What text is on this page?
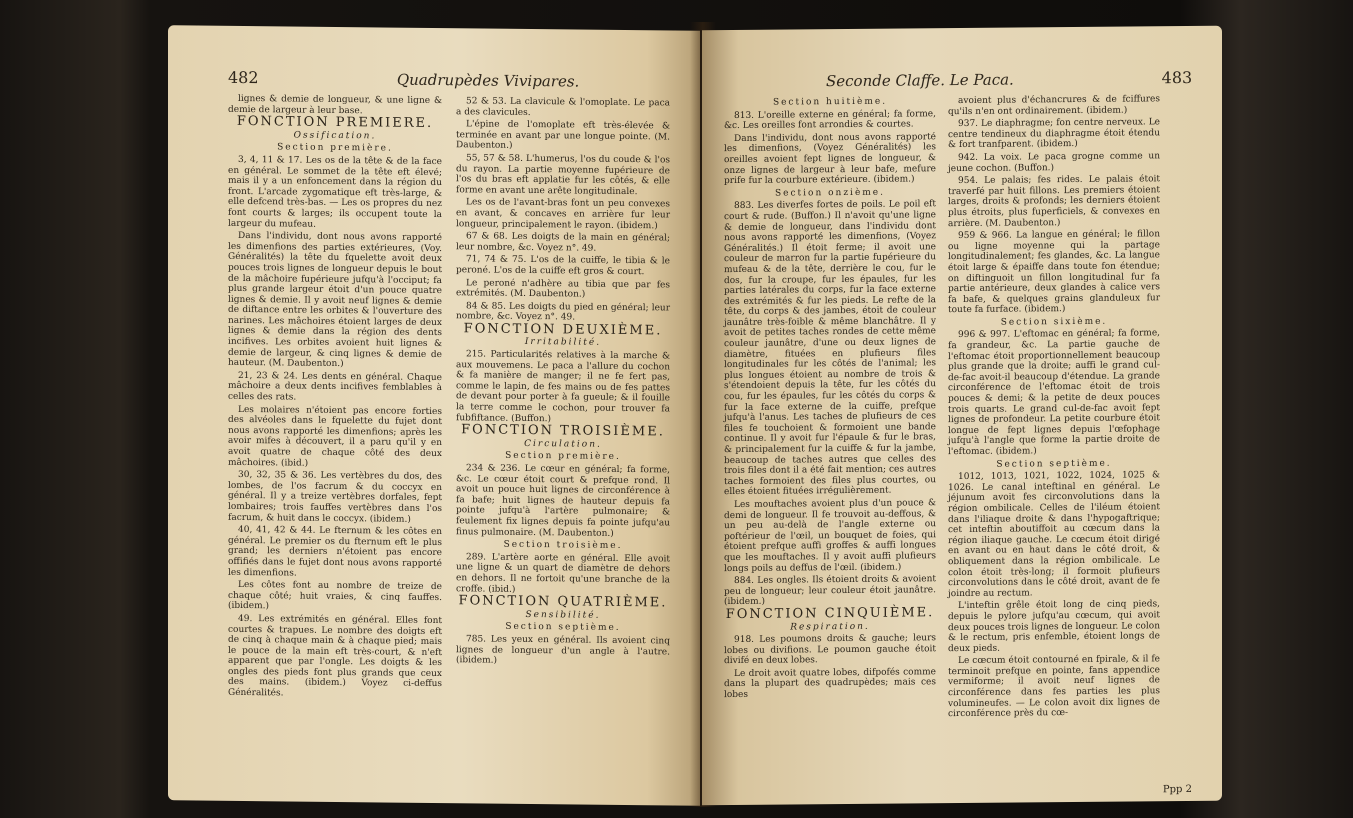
482	Quadrupèdes Vivipares.

lignes & demie de longueur, & une ligne & demie de largeur à leur base.

FONCTION PREMIERE.

Ossification.

Section première.

3, 4, 11 & 17. Les os de la tête & de la face en général. Le sommet de la tête eft élevé; mais il y a un enfoncement dans la région du front. L'arcade zygomatique eft très-large, & elle defcend très-bas. — Les os propres du nez font courts & larges; ils occupent toute la largeur du mufeau.

Dans l'individu, dont nous avons rapporté les dimenfions des parties extérieures, (Voy. Généralités) la tête du fquelette avoit deux pouces trois lignes de longueur depuis le bout de la mâchoire fupérieure jufqu'à l'occiput; fa plus grande largeur étoit d'un pouce quatre lignes & demie. Il y avoit neuf lignes & demie de diftance entre les orbites & l'ouverture des narines. Les mâchoires étoient larges de deux lignes & demie dans la région des dents incifives. Les orbites avoient huit lignes & demie de largeur, & cinq lignes & demie de hauteur. (M. Daubenton.)

21, 23 & 24. Les dents en général. Chaque mâchoire a deux dents incifives femblables à celles des rats.

Les molaires n'étoient pas encore forties des alvéoles dans le fquelette du fujet dont nous avons rapporté les dimenfions; après les avoir mifes à découvert, il a paru qu'il y en avoit quatre de chaque côté des deux mâchoires. (ibid.)

30, 32, 35 & 36. Les vertèbres du dos, des lombes, de l'os facrum & du coccyx en général. Il y a treize vertèbres dorfales, fept lombaires; trois fauffes vertèbres dans l'os facrum, & huit dans le coccyx. (ibidem.)

40, 41, 42 & 44. Le fternum & les côtes en général. Le premier os du fternum eft le plus grand; les derniers n'étoient pas encore offifiés dans le fujet dont nous avons rapporté les dimenfions.

Les côtes font au nombre de treize de chaque côté; huit vraies, & cinq fauffes. (ibidem.)

49. Les extrémités en général. Elles font courtes & trapues. Le nombre des doigts eft de cinq à chaque main & à chaque pied; mais le pouce de la main eft très-court, & n'eft apparent que par l'ongle. Les doigts & les ongles des pieds font plus grands que ceux des mains. (ibidem.) Voyez ci-deffus Généralités.

52 & 53. La clavicule & l'omoplate. Le paca a des clavicules.

L'épine de l'omoplate eft très-élevée & terminée en avant par une longue pointe. (M. Daubenton.)

55, 57 & 58. L'humerus, l'os du coude & l'os du rayon. La partie moyenne fupérieure de l'os du bras eft applatie fur les côtés, & elle forme en avant une arête longitudinale.

Les os de l'avant-bras font un peu convexes en avant, & concaves en arrière fur leur longueur, principalement le rayon. (ibidem.)

67 & 68. Les doigts de la main en général; leur nombre, &c. Voyez n°. 49.

71, 74 & 75. L'os de la cuiffe, le tibia & le peroné. L'os de la cuiffe eft gros & court.

Le peroné n'adhère au tibia que par fes extrémités. (M. Daubenton.)

84 & 85. Les doigts du pied en général; leur nombre, &c. Voyez n°. 49.

FONCTION DEUXIÈME.

Irritabilité.

215. Particularités relatives à la marche & aux mouvemens. Le paca a l'allure du cochon & fa manière de manger; il ne fe fert pas, comme le lapin, de fes mains ou de fes pattes de devant pour porter à fa gueule; & il fouille la terre comme le cochon, pour trouver fa fubfiftance. (Buffon.)

FONCTION TROISIÈME.

Circulation.

Section première.

234 & 236. Le cœur en général; fa forme, &c. Le cœur étoit court & prefque rond. Il avoit un pouce huit lignes de circonférence à fa bafe; huit lignes de hauteur depuis fa pointe jufqu'à l'artère pulmonaire; & feulement fix lignes depuis fa pointe jufqu'au finus pulmonaire. (M. Daubenton.)

Section troisième.

289. L'artère aorte en général. Elle avoit une ligne & un quart de diamètre de dehors en dehors. Il ne fortoit qu'une branche de la croffe. (ibid.)

FONCTION QUATRIÈME.

Sensibilité.

Section septième.

785. Les yeux en général. Ils avoient cinq lignes de longueur d'un angle à l'autre. (ibidem.)

Seconde Claffe. Le Paca.	483

Section huitième.

813. L'oreille externe en général; fa forme, &c. Les oreilles font arrondies & courtes.

Dans l'individu, dont nous avons rapporté les dimenfions, (Voyez Généralités) les oreilles avoient fept lignes de longueur, & onze lignes de largeur à leur bafe, mefure prife fur la courbure extérieure. (ibidem.)

Section onzième.

883. Les diverfes fortes de poils. Le poil eft court & rude. (Buffon.) Il n'avoit qu'une ligne & demie de longueur, dans l'individu dont nous avons rapporté les dimenfions, (Voyez Généralités.) Il étoit ferme; il avoit une couleur de marron fur la partie fupérieure du mufeau & de la tête, derrière le cou, fur le dos, fur la croupe, fur les épaules, fur les parties latérales du corps, fur la face externe des extrémités & fur les pieds. Le refte de la tête, du corps & des jambes, étoit de couleur jaunâtre très-foible & même blanchâtre. Il y avoit de petites taches rondes de cette même couleur jaunâtre, d'une ou deux lignes de diamètre, fituées en plufieurs files longitudinales fur les côtés de l'animal; les plus longues étoient au nombre de trois & s'étendoient depuis la tête, fur les côtés du cou, fur les épaules, fur les côtés du corps & fur la face externe de la cuiffe, prefque jufqu'à l'anus. Les taches de plufieurs de ces files fe touchoient & formoient une bande continue. Il y avoit fur l'épaule & fur le bras, & principalement fur la cuiffe & fur la jambe, beaucoup de taches autres que celles des trois files dont il a été fait mention; ces autres taches formoient des files plus courtes, ou elles étoient fituées irrégulièrement.

Les mouftaches avoient plus d'un pouce & demi de longueur. Il fe trouvoit au-deffous, & un peu au-delà de l'angle externe ou poftérieur de l'œil, un bouquet de foies, qui étoient prefque auffi groffes & auffi longues que les mouftaches. Il y avoit auffi plufieurs longs poils au deffus de l'œil. (ibidem.)

884. Les ongles. Ils étoient droits & avoient peu de longueur; leur couleur étoit jaunâtre. (ibidem.)

FONCTION CINQUIÈME.

Respiration.

918. Les poumons droits & gauche; leurs lobes ou divifions. Le poumon gauche étoit divifé en deux lobes.

Le droit avoit quatre lobes, difpofés comme dans la plupart des quadrupèdes; mais ces lobes

avoient plus d'échancrures & de fciffures qu'ils n'en ont ordinairement. (ibidem.)

937. Le diaphragme; fon centre nerveux. Le centre tendineux du diaphragme étoit étendu & fort tranfparent. (ibidem.)

942. La voix. Le paca grogne comme un jeune cochon. (Buffon.)

954. Le palais; fes rides. Le palais étoit traverfé par huit fillons. Les premiers étoient larges, droits & profonds; les derniers étoient plus étroits, plus fuperficiels, & convexes en arrière. (M. Daubenton.)

959 & 966. La langue en général; le fillon ou ligne moyenne qui la partage longitudinalement; fes glandes, &c. La langue étoit large & épaiffe dans toute fon étendue; on diftinguoit un fillon longitudinal fur fa partie antérieure, deux glandes à calice vers fa bafe, & quelques grains glanduleux fur toute fa furface. (ibidem.)

Section sixième.

996 & 997. L'eftomac en général; fa forme, fa grandeur, &c. La partie gauche de l'eftomac étoit proportionnellement beaucoup plus grande que la droite; auffi le grand cul-de-fac avoit-il beaucoup d'étendue. La grande circonférence de l'eftomac étoit de trois pouces & demi; & la petite de deux pouces trois quarts. Le grand cul-de-fac avoit fept lignes de profondeur. La petite courbure étoit longue de fept lignes depuis l'œfophage jufqu'à l'angle que forme la partie droite de l'eftomac. (ibidem.)

Section septième.

1012, 1013, 1021, 1022, 1024, 1025 & 1026. Le canal inteftinal en général. Le jéjunum avoit fes circonvolutions dans la région ombilicale. Celles de l'iléum étoient dans l'iliaque droite & dans l'hypogaftrique; cet inteftin aboutiffoit au cœcum dans la région iliaque gauche. Le cœcum étoit dirigé en avant ou en haut dans le côté droit, & obliquement dans la région ombilicale. Le colon étoit très-long; il formoit plufieurs circonvolutions dans le côté droit, avant de fe joindre au rectum.

L'inteftin grêle étoit long de cinq pieds, depuis le pylore jufqu'au cœcum, qui avoit deux pouces trois lignes de longueur. Le colon & le rectum, pris enfemble, étoient longs de deux pieds.

Le cœcum étoit contourné en fpirale, & il fe terminoit prefque en pointe, fans appendice vermiforme; il avoit neuf lignes de circonférence dans fes parties les plus volumineufes. — Le colon avoit dix lignes de circonférence près du cœ-

Ppp 2
